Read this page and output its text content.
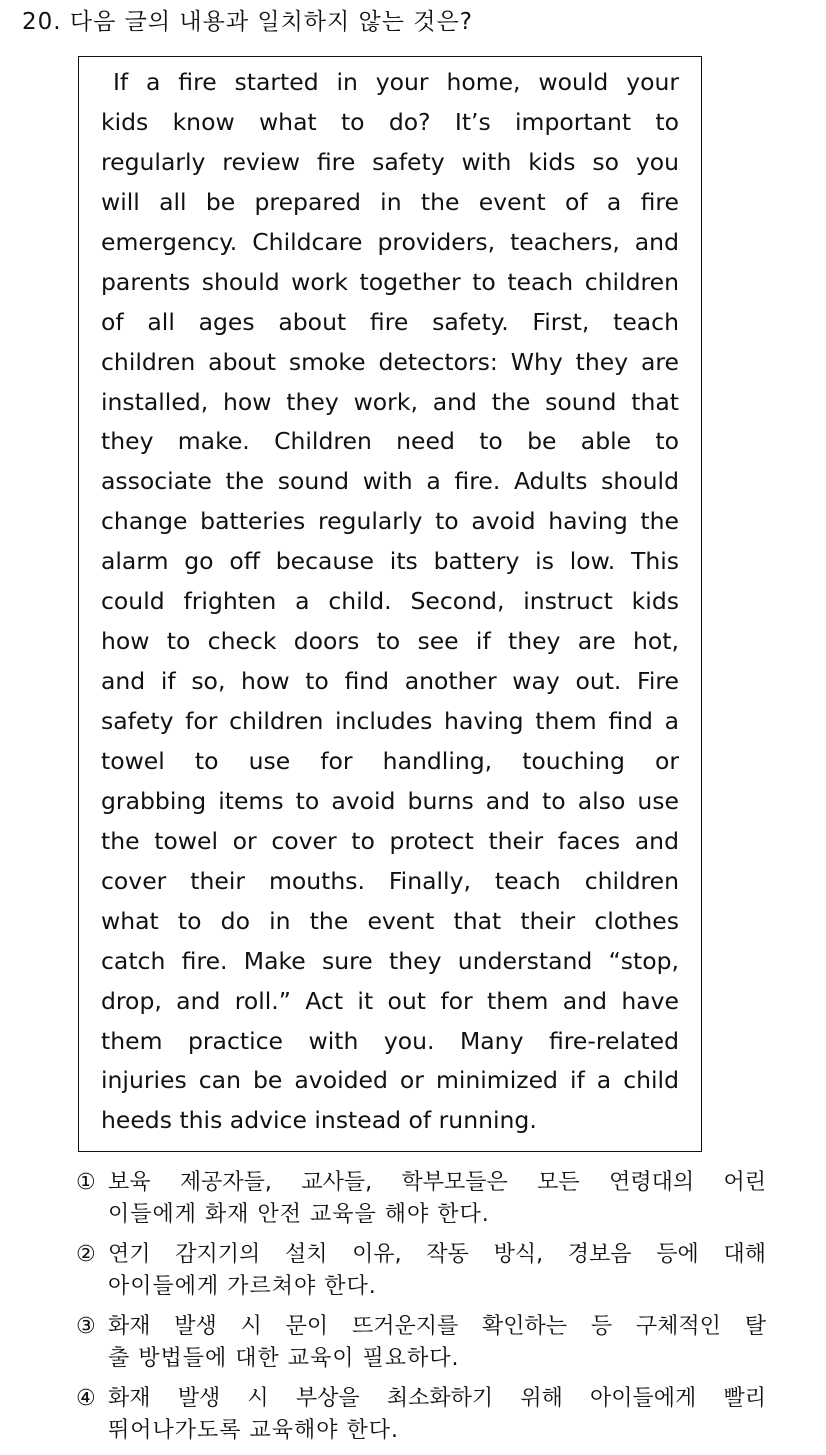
20. 다음 글의 내용과 일치하지 않는 것은?
If a fire started in your home, would your
kids know what to do? It’s important to
regularly review fire safety with kids so you
will all be prepared in the event of a fire
emergency. Childcare providers, teachers, and
parents should work together to teach children
of all ages about fire safety. First, teach
children about smoke detectors: Why they are
installed, how they work, and the sound that
they make. Children need to be able to
associate the sound with a fire. Adults should
change batteries regularly to avoid having the
alarm go off because its battery is low. This
could frighten a child. Second, instruct kids
how to check doors to see if they are hot,
and if so, how to find another way out. Fire
safety for children includes having them find a
towel to use for handling, touching or
grabbing items to avoid burns and to also use
the towel or cover to protect their faces and
cover their mouths. Finally, teach children
what to do in the event that their clothes
catch fire. Make sure they understand “stop,
drop, and roll.” Act it out for them and have
them practice with you. Many fire-related
injuries can be avoided or minimized if a child
heeds this advice instead of running.
① 보육 제공자들, 교사들, 학부모들은 모든 연령대의 어린
이들에게 화재 안전 교육을 해야 한다.
② 연기 감지기의 설치 이유, 작동 방식, 경보음 등에 대해
아이들에게 가르쳐야 한다.
③ 화재 발생 시 문이 뜨거운지를 확인하는 등 구체적인 탈
출 방법들에 대한 교육이 필요하다.
④ 화재 발생 시 부상을 최소화하기 위해 아이들에게 빨리
뛰어나가도록 교육해야 한다.
